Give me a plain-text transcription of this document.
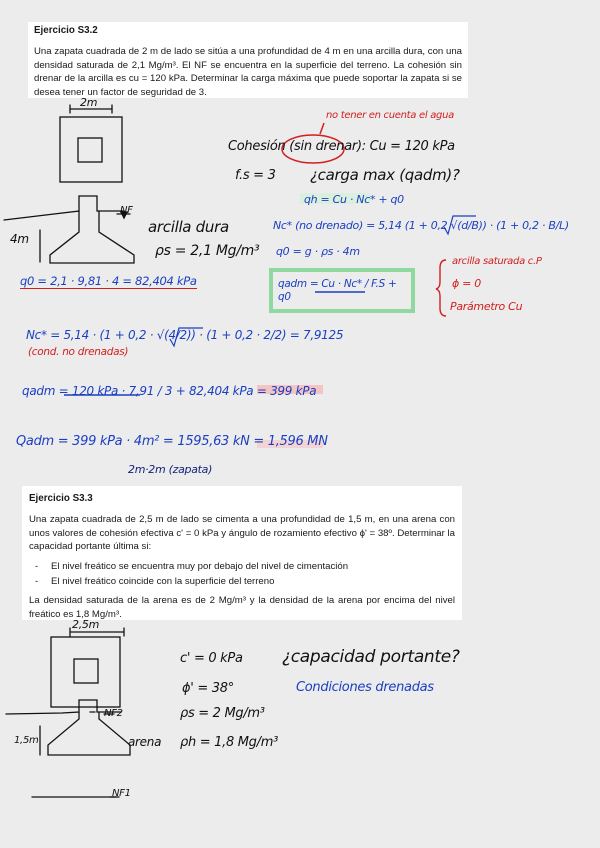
Ejercicio S3.2

Una zapata cuadrada de 2 m de lado se sitúa a una profundidad de 4 m en una arcilla dura, con una densidad saturada de 2,1 Mg/m³. El NF se encuentra en la superficie del terreno. La cohesión sin drenar de la arcilla es cu = 120 kPa. Determinar la carga máxima que puede soportar la zapata si se desea tener un factor de seguridad de 3.

Ejercicio S3.3

Una zapata cuadrada de 2,5 m de lado se cimenta a una profundidad de 1,5 m, en una arena con unos valores de cohesión efectiva c' = 0 kPa y ángulo de rozamiento efectivo ϕ' = 38º. Determinar la capacidad portante última si:

- El nivel freático se encuentra muy por debajo del nivel de cimentación
- El nivel freático coincide con la superficie del terreno

La densidad saturada de la arena es de 2 Mg/m³ y la densidad de la arena por encima del nivel freático es 1,8 Mg/m³.

2m
NF
4m
arcilla dura
ρs = 2,1 Mg/m³
q0 = 2,1 · 9,81 · 4 = 82,404 kPa
no tener en cuenta el agua
Cohesión (sin drenar): Cu = 120 kPa
f.s = 3 ¿carga max (qadm)?
qh = Cu · Nc* + q0
Nc* (no drenado) = 5,14 (1 + 0,2 √(d/B)) · (1 + 0,2 · B/L)
q0 = g · ρs · 4m
qadm = Cu · Nc* / F.S + q0
arcilla saturada c.P
ϕ = 0
Parámetro Cu
Nc* = 5,14 · (1 + 0,2 · √(4/2)) · (1 + 0,2 · 2/2) = 7,9125
(cond. no drenadas)
qadm = 120 kPa · 7,91 / 3 + 82,404 kPa = 399 kPa
Qadm = 399 kPa · 4m² = 1595,63 kN = 1,596 MN
2m·2m (zapata)
2,5m
NF2
1,5m	arena
NF1
c' = 0 kPa
ϕ' = 38°
ρs = 2 Mg/m³
ρh = 1,8 Mg/m³
¿capacidad portante?
Condiciones drenadas
